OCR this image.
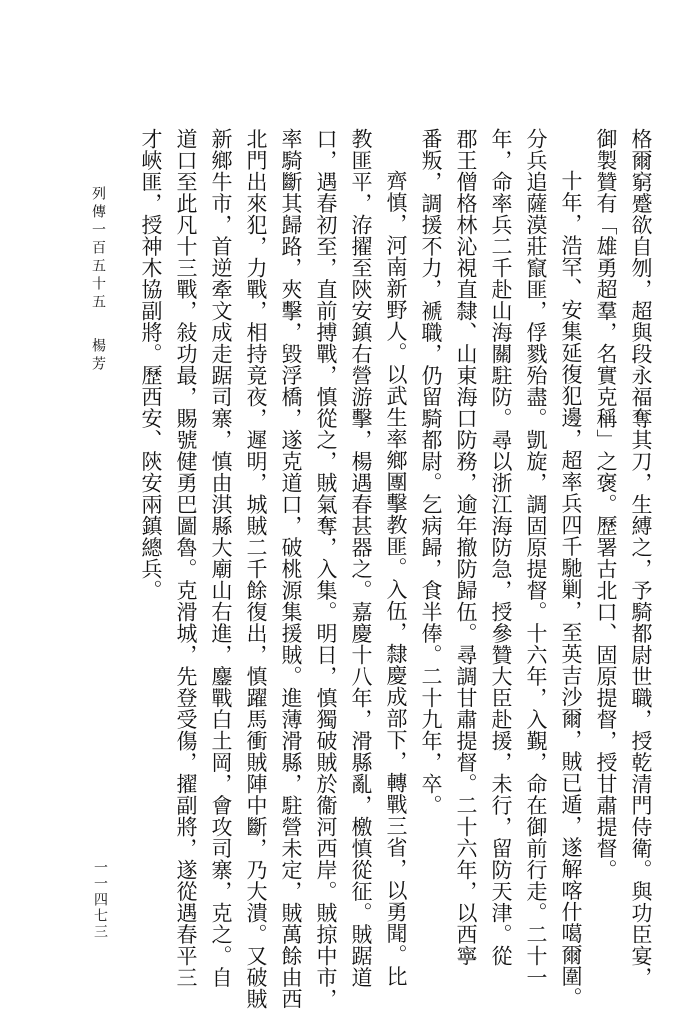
格爾窮蹙欲自刎，超與段永福奪其刀，生縛之，予騎都尉世職，授乾清門侍衛。與功臣宴，
御製贊有「雄勇超羣，名實克稱」之褒。歷署古北口、固原提督，授甘肅提督。
十年，浩罕、安集延復犯邊，超率兵四千馳剿，至英吉沙爾，賊已遁，遂解喀什噶爾圍。
分兵追薩漠莊竄匪，俘戮殆盡。凱旋，調固原提督。十六年，入覲，命在御前行走。二十一
年，命率兵二千赴山海關駐防。尋以浙江海防急，授參贊大臣赴援，未行，留防天津。從
郡王僧格林沁視直隸、山東海口防務，逾年撤防歸伍。尋調甘肅提督。二十六年，以西寧
番叛，調援不力，褫職，仍留騎都尉。乞病歸，食半俸。二十九年，卒。
齊慎，河南新野人。以武生率鄉團擊教匪。入伍，隸慶成部下，轉戰三省，以勇聞。比
教匪平，洊擢至陝安鎮右營游擊，楊遇春甚器之。嘉慶十八年，滑縣亂，檄慎從征。賊踞道
口，遇春初至，直前搏戰，慎從之，賊氣奪，入集。明日，慎獨破賊於衞河西岸。賊掠中市，
率騎斷其歸路，夾擊，毀浮橋，遂克道口，破桃源集援賊。進薄滑縣，駐營未定，賊萬餘由西
北門出來犯，力戰，相持竟夜，遲明，城賊二千餘復出，慎躍馬衝賊陣中斷，乃大潰。又破賊
新鄉牛市，首逆牽文成走踞司寨，慎由淇縣大廟山右進，鏖戰白土岡，會攻司寨，克之。自
道口至此凡十三戰，敍功最，賜號健勇巴圖魯。克滑城，先登受傷，擢副將，遂從遇春平三
才峽匪，授神木協副將。歷西安、陝安兩鎮總兵。
列傳一百五十五
楊芳
一一四七三
